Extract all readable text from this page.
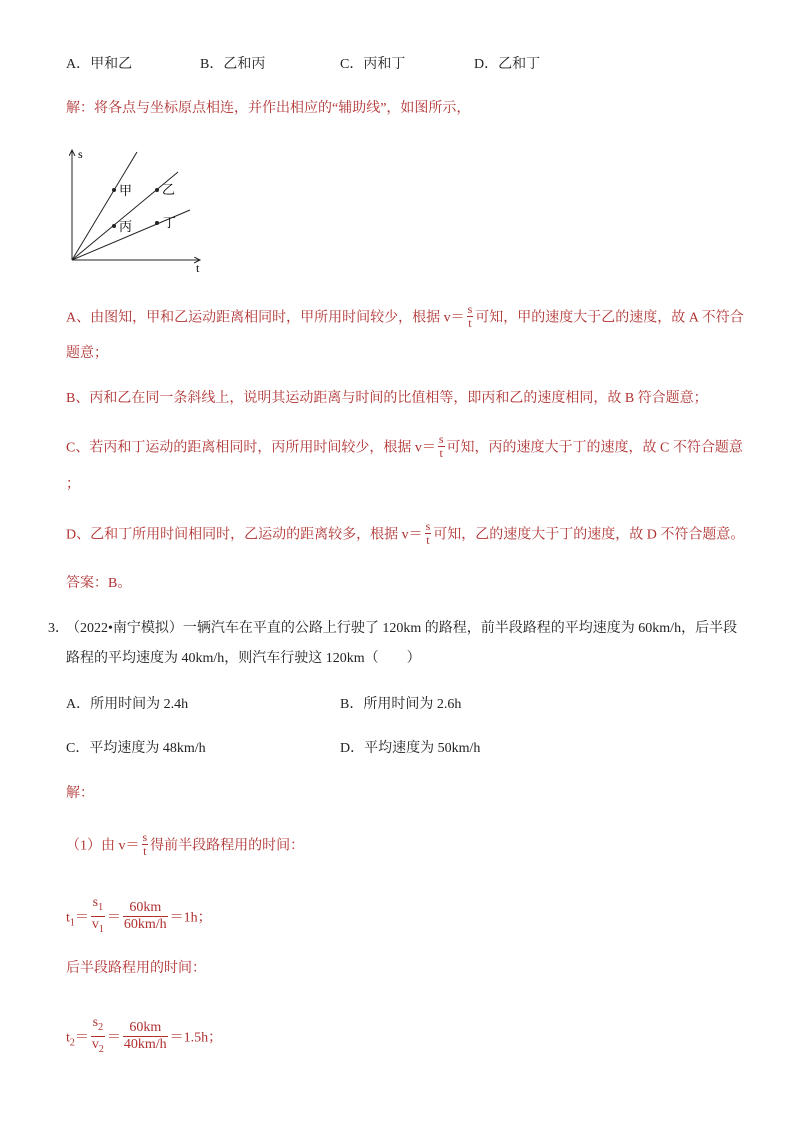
A．甲和乙	B．乙和丙	C．丙和丁	D．乙和丁
解：将各点与坐标原点相连，并作出相应的“辅助线”，如图所示，
s
t
甲 乙
丙 丁
A、由图知，甲和乙运动距离相同时，甲所用时间较少，根据 $v= \frac{s}{t}$ 可知，甲的速度大于乙的速度，故 A 不符合
题意；
B、丙和乙在同一条斜线上，说明其运动距离与时间的比值相等，即丙和乙的速度相同，故 B 符合题意；
C、若丙和丁运动的距离相同时，丙所用时间较少，根据 $v= \frac{s}{t}$ 可知，丙的速度大于丁的速度，故 C 不符合题意
；
D、乙和丁所用时间相同时，乙运动的距离较多，根据 $v= \frac{s}{t}$ 可知，乙的速度大于丁的速度，故 D 不符合题意。
答案：B。
3．
（2022•南宁模拟）一辆汽车在平直的公路上行驶了 120km 的路程，前半段路程的平均速度为 60km/h，后半段
路程的平均速度为 40km/h，则汽车行驶这 120km（　　）
A．所用时间为 2.4h	B．所用时间为 2.6h
C．平均速度为 48km/h	D．平均速度为 50km/h
解：
（1）由 $v= \frac{s}{t}$ 得前半段路程用的时间：
$t_1= \frac{s_1}{v_1} = \frac{60km}{60km/h} =1h$；
后半段路程用的时间：
$t_2= \frac{s_2}{v_2} = \frac{60km}{40km/h} =1.5h$；
